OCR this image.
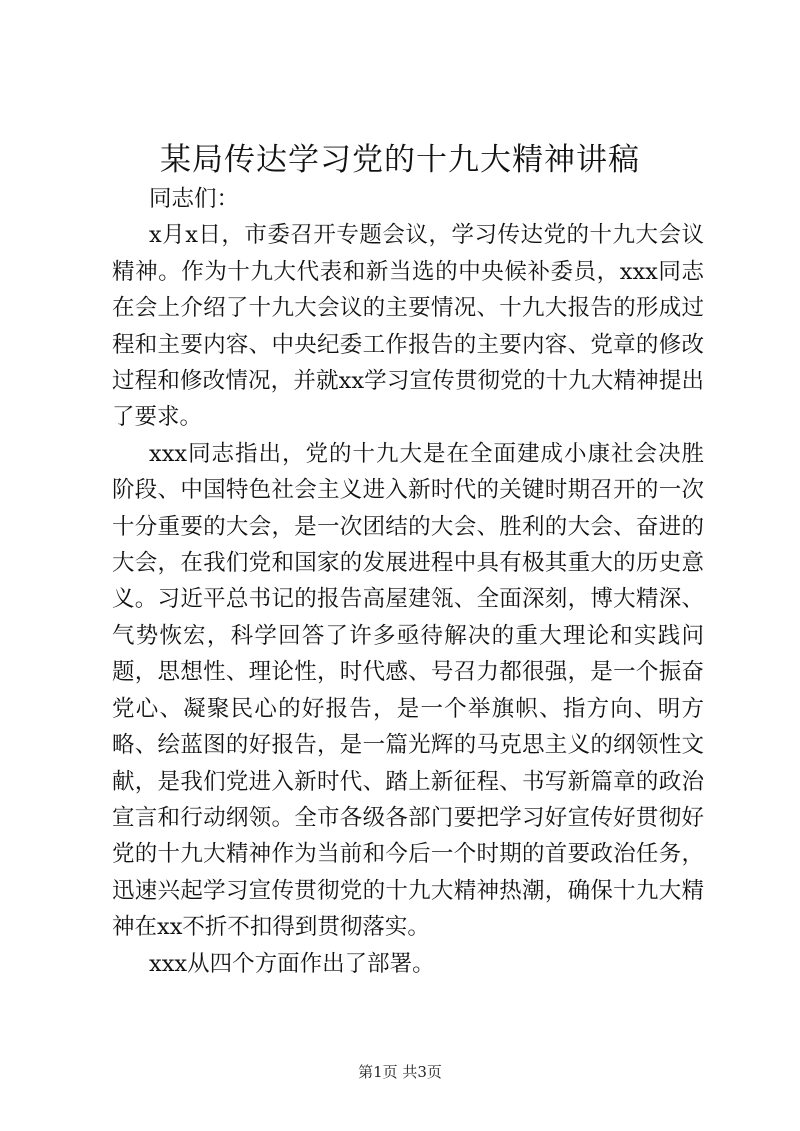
某局传达学习党的十九大精神讲稿

同志们：

x月x日，市委召开专题会议，学习传达党的十九大会议精神。作为十九大代表和新当选的中央候补委员，xxx同志在会上介绍了十九大会议的主要情况、十九大报告的形成过程和主要内容、中央纪委工作报告的主要内容、党章的修改过程和修改情况，并就xx学习宣传贯彻党的十九大精神提出了要求。

xxx同志指出，党的十九大是在全面建成小康社会决胜阶段、中国特色社会主义进入新时代的关键时期召开的一次十分重要的大会，是一次团结的大会、胜利的大会、奋进的大会，在我们党和国家的发展进程中具有极其重大的历史意义。习近平总书记的报告高屋建瓴、全面深刻，博大精深、气势恢宏，科学回答了许多亟待解决的重大理论和实践问题，思想性、理论性，时代感、号召力都很强，是一个振奋党心、凝聚民心的好报告，是一个举旗帜、指方向、明方略、绘蓝图的好报告，是一篇光辉的马克思主义的纲领性文献，是我们党进入新时代、踏上新征程、书写新篇章的政治宣言和行动纲领。全市各级各部门要把学习好宣传好贯彻好党的十九大精神作为当前和今后一个时期的首要政治任务，迅速兴起学习宣传贯彻党的十九大精神热潮，确保十九大精神在xx不折不扣得到贯彻落实。

xxx从四个方面作出了部署。

第1页 共3页
